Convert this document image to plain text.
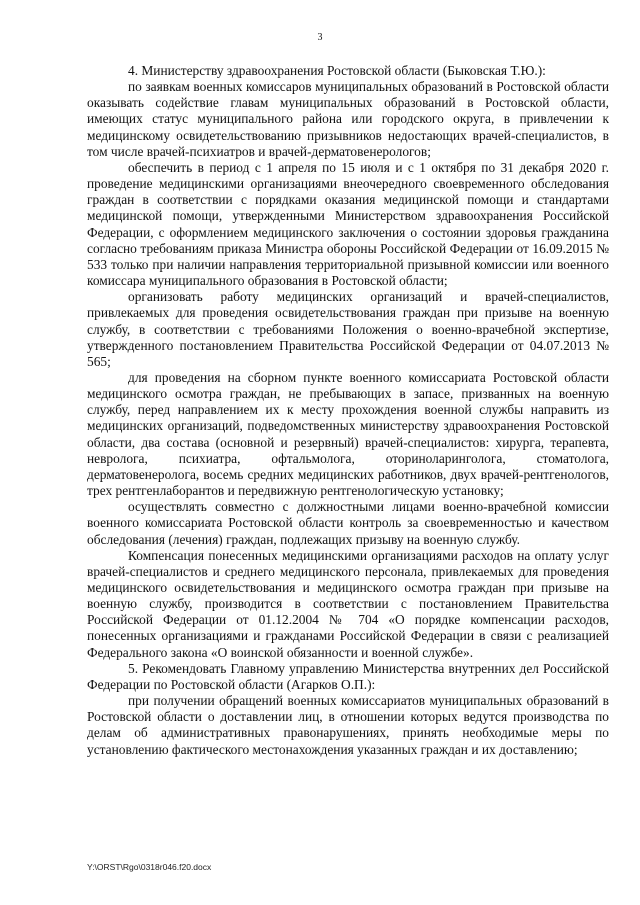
3

4. Министерству здравоохранения Ростовской области (Быковская Т.Ю.):

по заявкам военных комиссаров муниципальных образований в Ростовской области оказывать содействие главам муниципальных образований в Ростовской области, имеющих статус муниципального района или городского округа, в привлечении к медицинскому освидетельствованию призывников недостающих врачей-специалистов, в том числе врачей-психиатров и врачей-дерматовенерологов;

обеспечить в период с 1 апреля по 15 июля и с 1 октября по 31 декабря 2020 г. проведение медицинскими организациями внеочередного своевременного обследования граждан в соответствии с порядками оказания медицинской помощи и стандартами медицинской помощи, утвержденными Министерством здравоохранения Российской Федерации, с оформлением медицинского заключения о состоянии здоровья гражданина согласно требованиям приказа Министра обороны Российской Федерации от 16.09.2015 № 533 только при наличии направления территориальной призывной комиссии или военного комиссара муниципального образования в Ростовской области;

организовать работу медицинских организаций и врачей-специалистов, привлекаемых для проведения освидетельствования граждан при призыве на военную службу, в соответствии с требованиями Положения о военно-врачебной экспертизе, утвержденного постановлением Правительства Российской Федерации от 04.07.2013 № 565;

для проведения на сборном пункте военного комиссариата Ростовской области медицинского осмотра граждан, не пребывающих в запасе, призванных на военную службу, перед направлением их к месту прохождения военной службы направить из медицинских организаций, подведомственных министерству здравоохранения Ростовской области, два состава (основной и резервный) врачей-специалистов: хирурга, терапевта, невролога, психиатра, офтальмолога, оториноларинголога, стоматолога, дерматовенеролога, восемь средних медицинских работников, двух врачей-рентгенологов, трех рентгенлаборантов и передвижную рентгенологическую установку;

осуществлять совместно с должностными лицами военно-врачебной комиссии военного комиссариата Ростовской области контроль за своевременностью и качеством обследования (лечения) граждан, подлежащих призыву на военную службу.

Компенсация понесенных медицинскими организациями расходов на оплату услуг врачей-специалистов и среднего медицинского персонала, привлекаемых для проведения медицинского освидетельствования и медицинского осмотра граждан при призыве на военную службу, производится в соответствии с постановлением Правительства Российской Федерации от 01.12.2004 № 704 «О порядке компенсации расходов, понесенных организациями и гражданами Российской Федерации в связи с реализацией Федерального закона «О воинской обязанности и военной службе».

5. Рекомендовать Главному управлению Министерства внутренних дел Российской Федерации по Ростовской области (Агарков О.П.):

при получении обращений военных комиссариатов муниципальных образований в Ростовской области о доставлении лиц, в отношении которых ведутся производства по делам об административных правонарушениях, принять необходимые меры по установлению фактического местонахождения указанных граждан и их доставлению;

Y:\ORST\Rgo\0318r046.f20.docx
